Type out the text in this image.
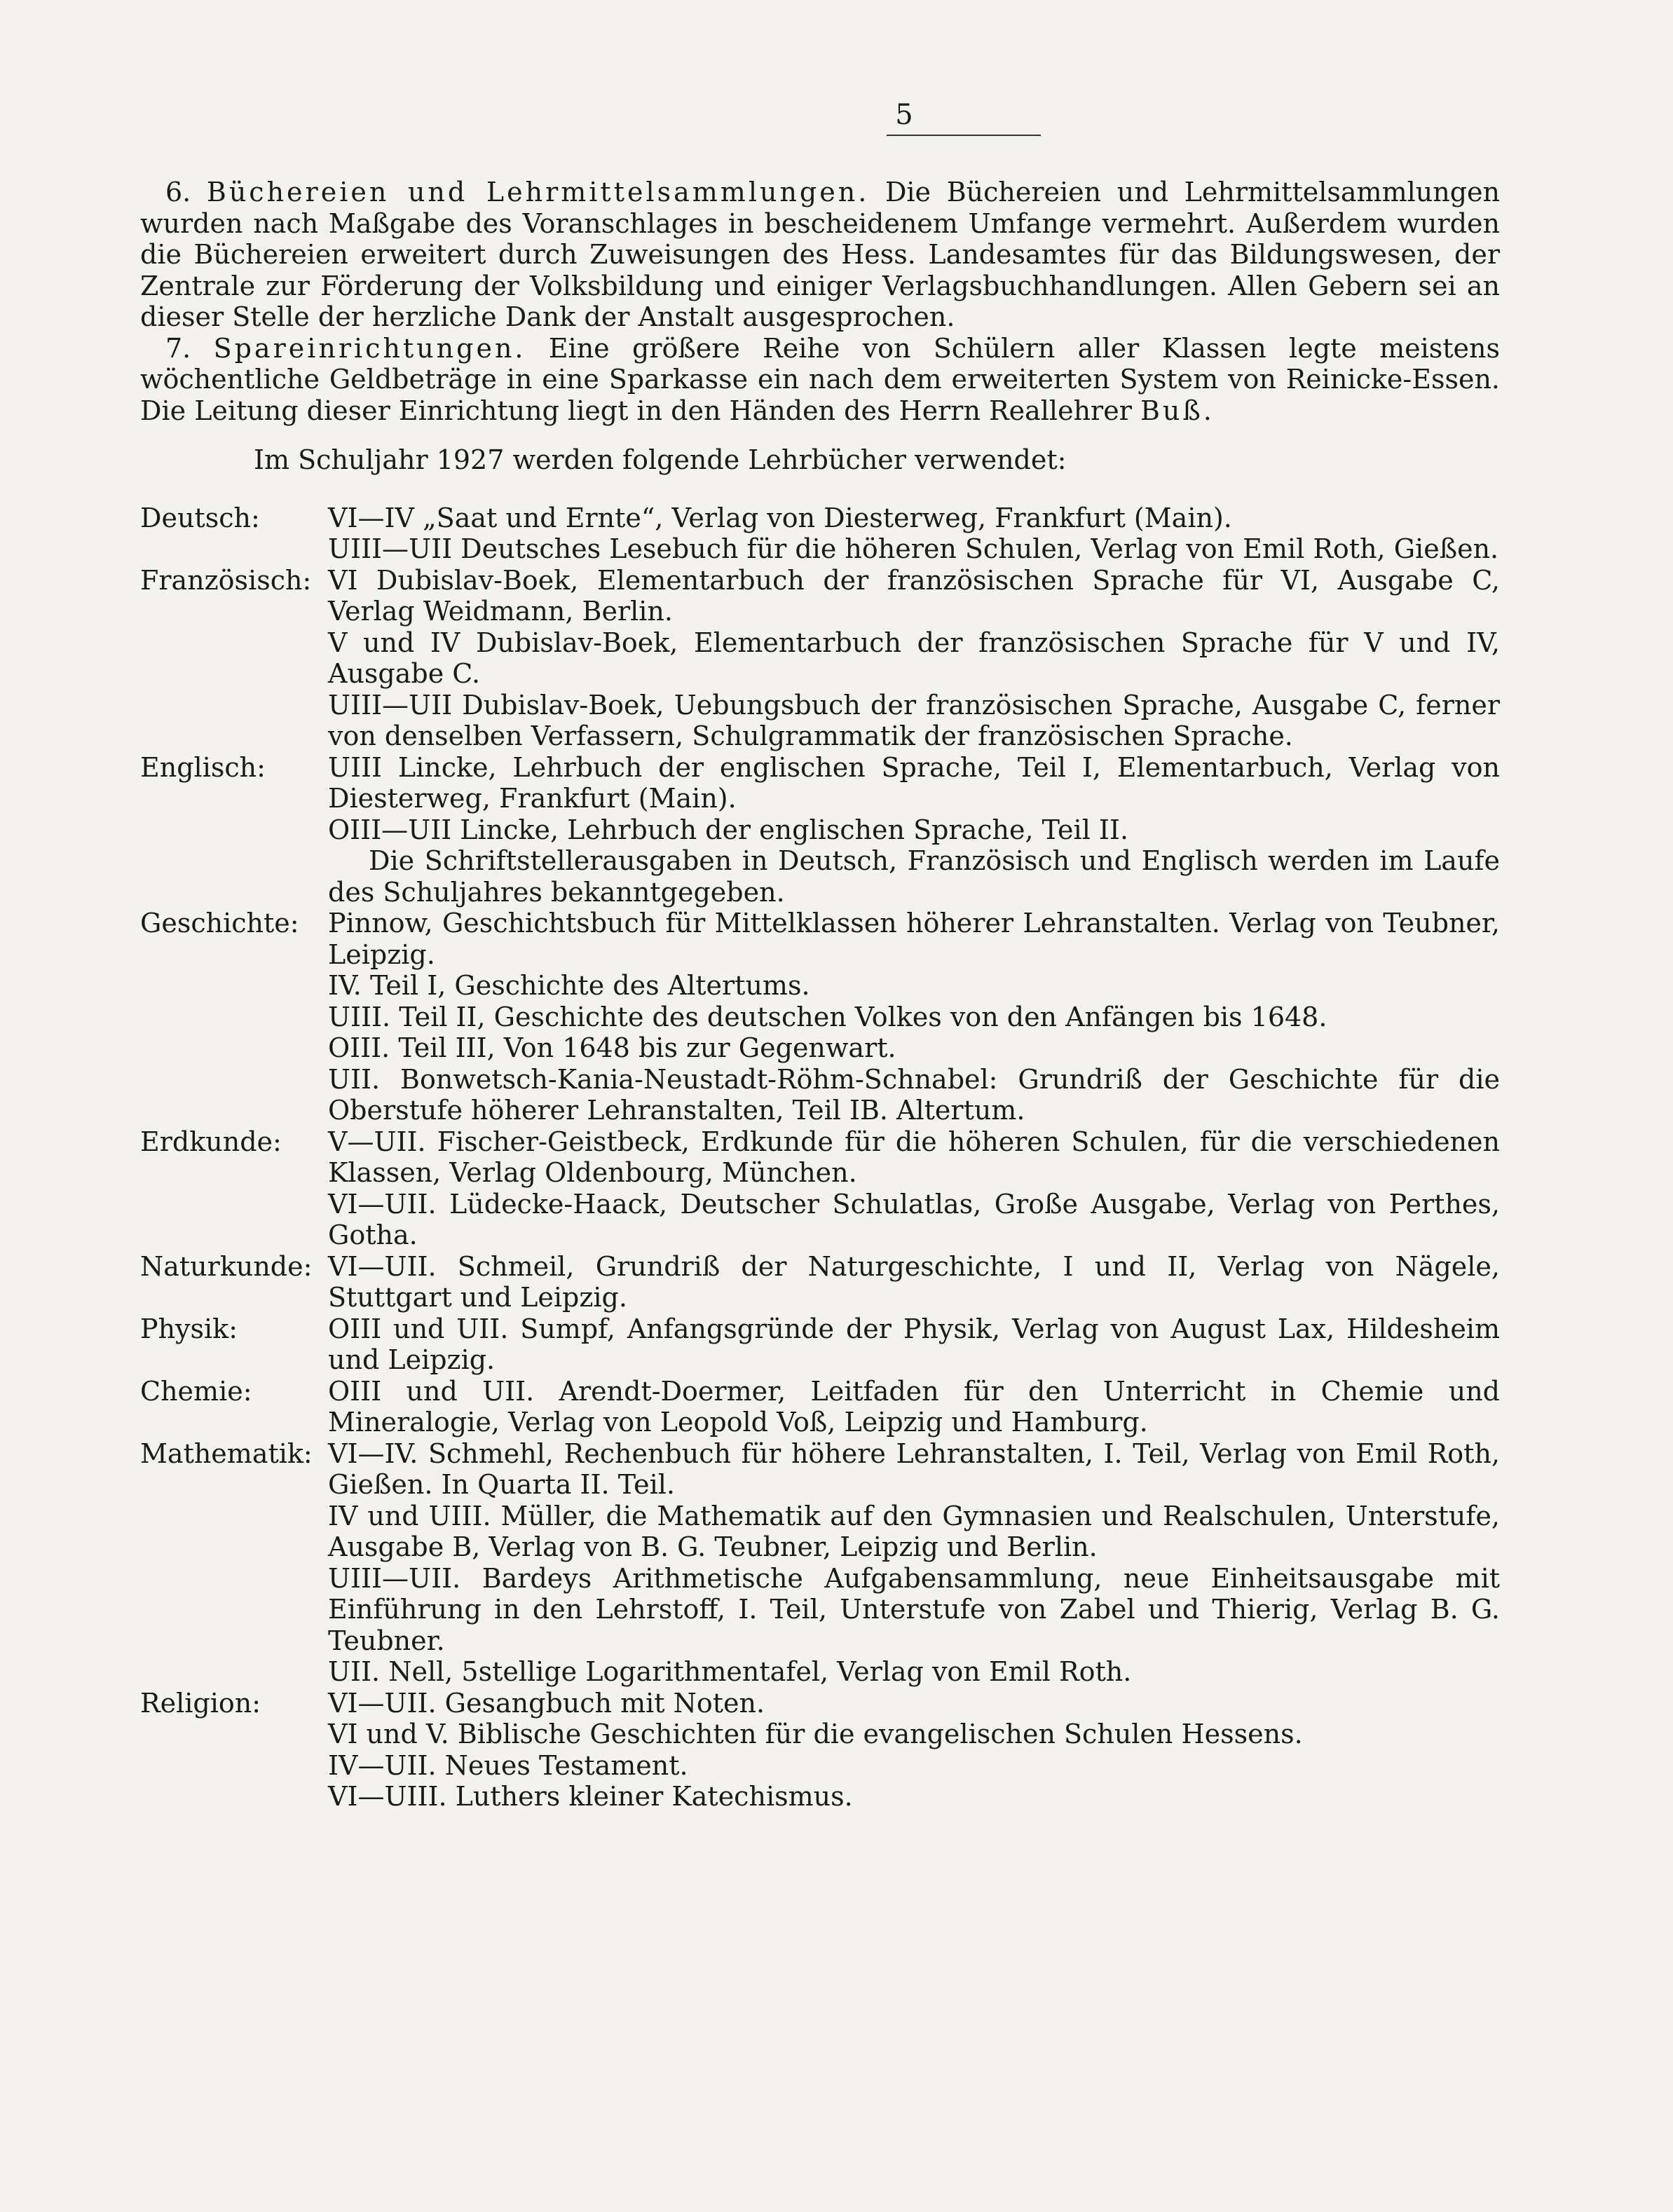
5

6. Büchereien und Lehrmittelsammlungen. Die Büchereien und Lehrmittelsammlungen wurden nach Maßgabe des Voranschlages in bescheidenem Umfange vermehrt. Außerdem wurden die Büchereien erweitert durch Zuweisungen des Hess. Landesamtes für das Bildungswesen, der Zentrale zur Förderung der Volksbildung und einiger Verlagsbuchhandlungen. Allen Gebern sei an dieser Stelle der herzliche Dank der Anstalt ausgesprochen.

7. Spareinrichtungen. Eine größere Reihe von Schülern aller Klassen legte meistens wöchentliche Geldbeträge in eine Sparkasse ein nach dem erweiterten System von Reinicke-Essen. Die Leitung dieser Einrichtung liegt in den Händen des Herrn Reallehrer Buß.

Im Schuljahr 1927 werden folgende Lehrbücher verwendet:

Deutsch:	VI—IV „Saat und Ernte“, Verlag von Diesterweg, Frankfurt (Main).

UIII—UII Deutsches Lesebuch für die höheren Schulen, Verlag von Emil Roth, Gießen.

Französisch: VI Dubislav-Boek, Elementarbuch der französischen Sprache für VI, Ausgabe C, Verlag Weidmann, Berlin.

V und IV Dubislav-Boek, Elementarbuch der französischen Sprache für V und IV, Ausgabe C.

UIII—UII Dubislav-Boek, Uebungsbuch der französischen Sprache, Ausgabe C, ferner von denselben Verfassern, Schulgrammatik der französischen Sprache.

Englisch:	UIII Lincke, Lehrbuch der englischen Sprache, Teil I, Elementarbuch, Verlag von Diesterweg, Frankfurt (Main).

OIII—UII Lincke, Lehrbuch der englischen Sprache, Teil II.

Die Schriftstellerausgaben in Deutsch, Französisch und Englisch werden im Laufe des Schuljahres bekanntgegeben.

Geschichte:	Pinnow, Geschichtsbuch für Mittelklassen höherer Lehranstalten. Verlag von Teubner, Leipzig.

IV. Teil I, Geschichte des Altertums.

UIII. Teil II, Geschichte des deutschen Volkes von den Anfängen bis 1648.

OIII. Teil III, Von 1648 bis zur Gegenwart.

UII. Bonwetsch-Kania-Neustadt-Röhm-Schnabel: Grundriß der Geschichte für die Oberstufe höherer Lehranstalten, Teil IB. Altertum.

Erdkunde:	V—UII. Fischer-Geistbeck, Erdkunde für die höheren Schulen, für die verschiedenen Klassen, Verlag Oldenbourg, München.

VI—UII. Lüdecke-Haack, Deutscher Schulatlas, Große Ausgabe, Verlag von Perthes, Gotha.

Naturkunde: VI—UII. Schmeil, Grundriß der Naturgeschichte, I und II, Verlag von Nägele, Stuttgart und Leipzig.

Physik:	OIII und UII. Sumpf, Anfangsgründe der Physik, Verlag von August Lax, Hildesheim und Leipzig.

Chemie:	OIII und UII. Arendt-Doermer, Leitfaden für den Unterricht in Chemie und Mineralogie, Verlag von Leopold Voß, Leipzig und Hamburg.

Mathematik: VI—IV. Schmehl, Rechenbuch für höhere Lehranstalten, I. Teil, Verlag von Emil Roth, Gießen. In Quarta II. Teil.

IV und UIII. Müller, die Mathematik auf den Gymnasien und Realschulen, Unterstufe, Ausgabe B, Verlag von B. G. Teubner, Leipzig und Berlin.

UIII—UII. Bardeys Arithmetische Aufgabensammlung, neue Einheitsausgabe mit Einführung in den Lehrstoff, I. Teil, Unterstufe von Zabel und Thierig, Verlag B. G. Teubner.

UII. Nell, 5stellige Logarithmentafel, Verlag von Emil Roth.

Religion:	VI—UII. Gesangbuch mit Noten.

VI und V. Biblische Geschichten für die evangelischen Schulen Hessens.

IV—UII. Neues Testament.

VI—UIII. Luthers kleiner Katechismus.
